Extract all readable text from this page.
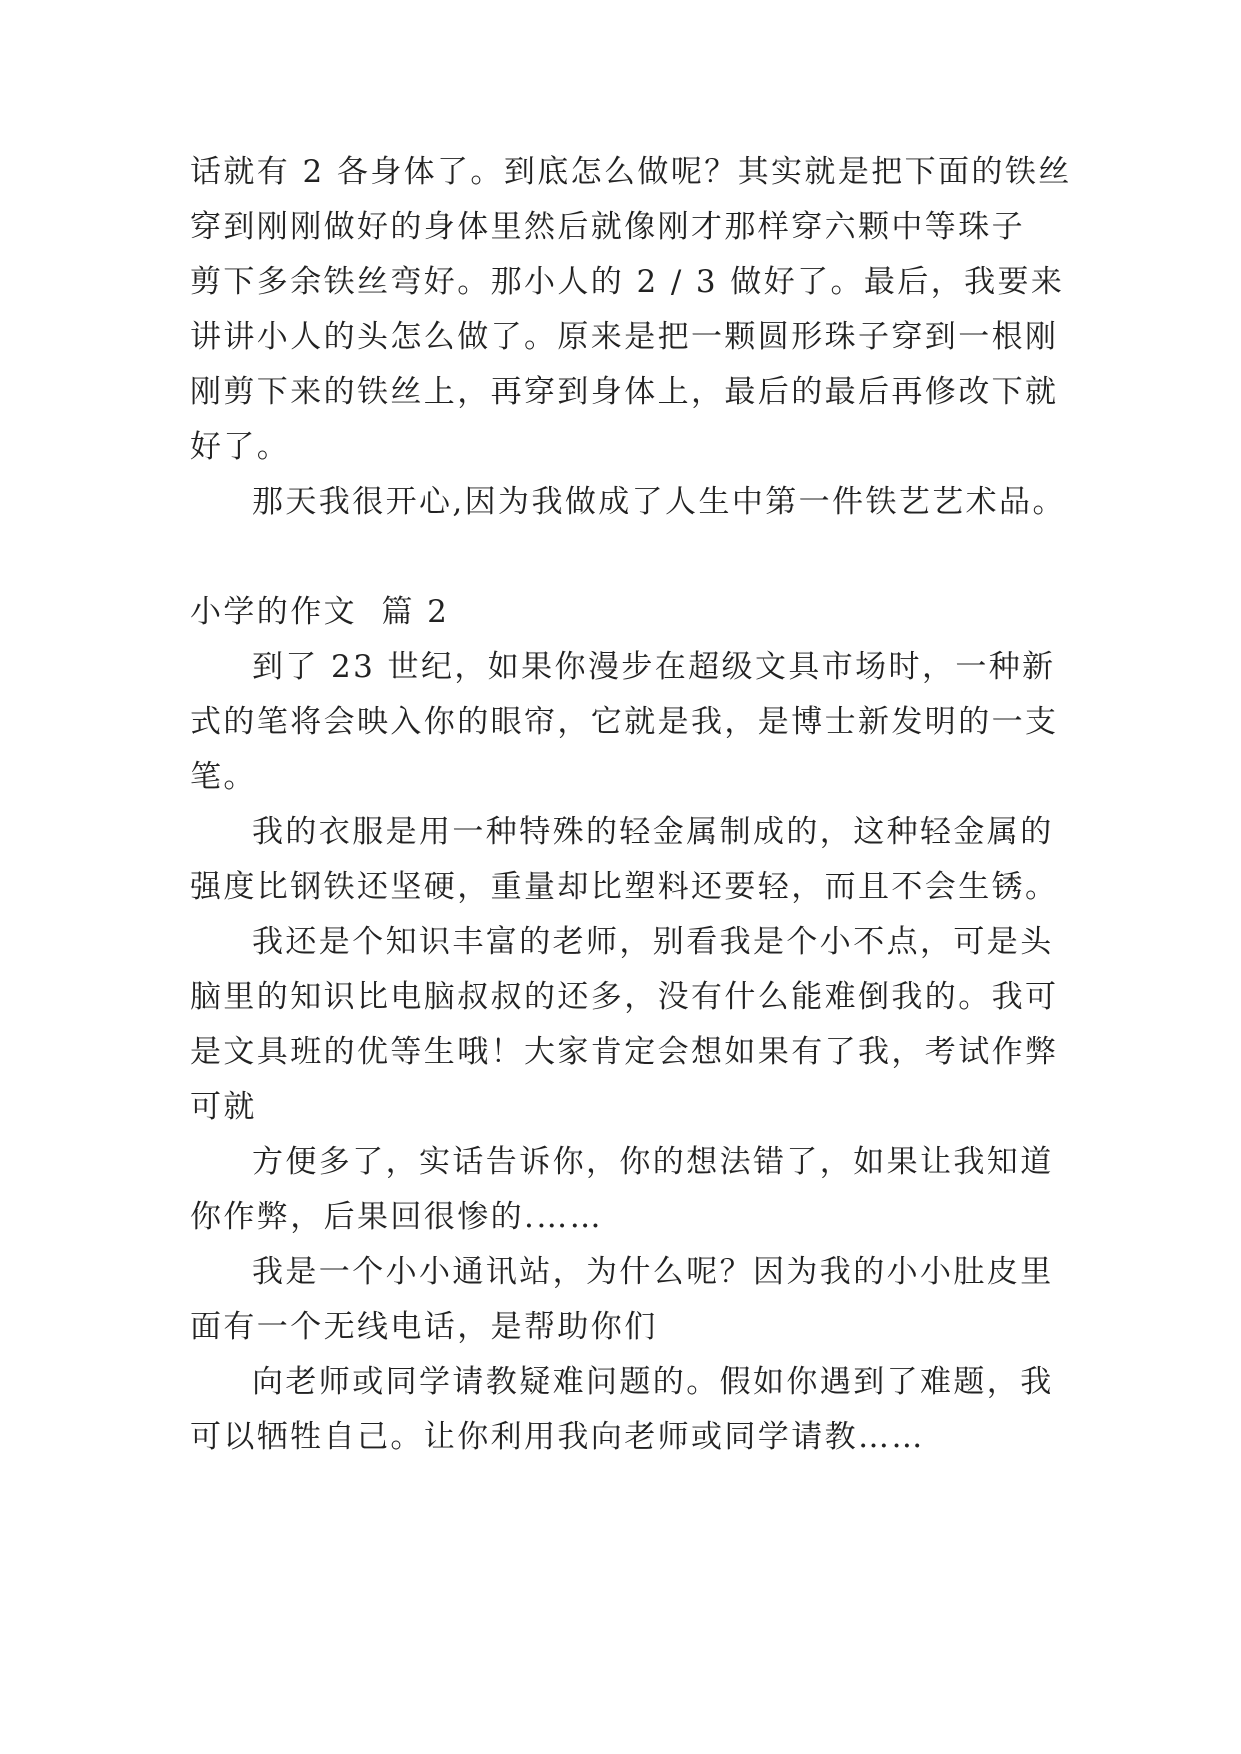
话就有 2 各身体了。到底怎么做呢？其实就是把下面的铁丝
穿到刚刚做好的身体里然后就像刚才那样穿六颗中等珠子
剪下多余铁丝弯好。那小人的 2 / 3 做好了。最后，我要来
讲讲小人的头怎么做了。原来是把一颗圆形珠子穿到一根刚
刚剪下来的铁丝上，再穿到身体上，最后的最后再修改下就
好了。
那天我很开心,因为我做成了人生中第一件铁艺艺术品。
小学的作文  篇 2
到了 23 世纪，如果你漫步在超级文具市场时，一种新
式的笔将会映入你的眼帘，它就是我，是博士新发明的一支
笔。
我的衣服是用一种特殊的轻金属制成的，这种轻金属的
强度比钢铁还坚硬，重量却比塑料还要轻，而且不会生锈。
我还是个知识丰富的老师，别看我是个小不点，可是头
脑里的知识比电脑叔叔的还多，没有什么能难倒我的。我可
是文具班的优等生哦！大家肯定会想如果有了我，考试作弊
可就
方便多了，实话告诉你，你的想法错了，如果让我知道
你作弊，后果回很惨的.……
我是一个小小通讯站，为什么呢？因为我的小小肚皮里
面有一个无线电话，是帮助你们
向老师或同学请教疑难问题的。假如你遇到了难题，我
可以牺牲自己。让你利用我向老师或同学请教……
